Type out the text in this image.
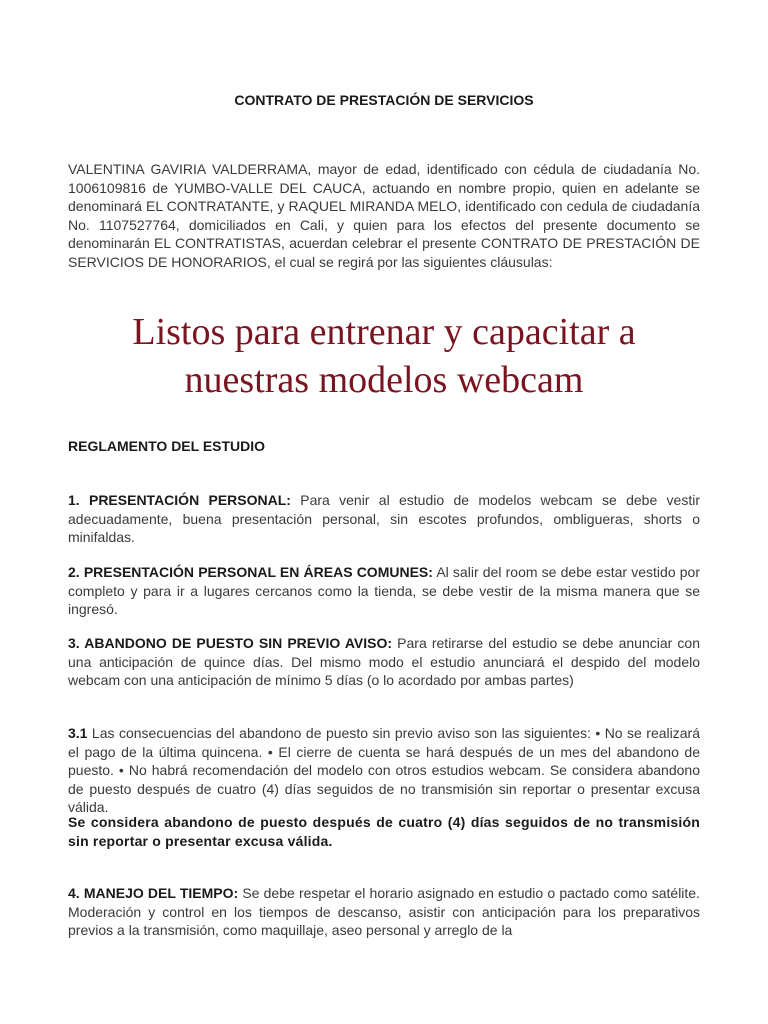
CONTRATO DE PRESTACIÓN DE SERVICIOS

VALENTINA GAVIRIA VALDERRAMA, mayor de edad, identificado con cédula de ciudadanía No. 1006109816 de YUMBO-VALLE DEL CAUCA, actuando en nombre propio, quien en adelante se denominará EL CONTRATANTE, y RAQUEL MIRANDA MELO, identificado con cedula de ciudadanía No. 1107527764, domiciliados en Cali, y quien para los efectos del presente documento se denominarán EL CONTRATISTAS, acuerdan celebrar el presente CONTRATO DE PRESTACIÓN DE SERVICIOS DE HONORARIOS, el cual se regirá por las siguientes cláusulas:

Listos para entrenar y capacitar a
nuestras modelos webcam
REGLAMENTO DEL ESTUDIO

1. PRESENTACIÓN PERSONAL: Para venir al estudio de modelos webcam se debe vestir adecuadamente, buena presentación personal, sin escotes profundos, ombligueras, shorts o minifaldas.

2. PRESENTACIÓN PERSONAL EN ÁREAS COMUNES: Al salir del room se debe estar vestido por completo y para ir a lugares cercanos como la tienda, se debe vestir de la misma manera que se ingresó.

3. ABANDONO DE PUESTO SIN PREVIO AVISO: Para retirarse del estudio se debe anunciar con una anticipación de quince días. Del mismo modo el estudio anunciará el despido del modelo webcam con una anticipación de mínimo 5 días (o lo acordado por ambas partes)

3.1 Las consecuencias del abandono de puesto sin previo aviso son las siguientes: • No se realizará el pago de la última quincena. • El cierre de cuenta se hará después de un mes del abandono de puesto. • No habrá recomendación del modelo con otros estudios webcam. Se considera abandono de puesto después de cuatro (4) días seguidos de no transmisión sin reportar o presentar excusa válida.

Se considera abandono de puesto después de cuatro (4) días seguidos de no transmisión sin reportar o presentar excusa válida.

4. MANEJO DEL TIEMPO: Se debe respetar el horario asignado en estudio o pactado como satélite. Moderación y control en los tiempos de descanso, asistir con anticipación para los preparativos previos a la transmisión, como maquillaje, aseo personal y arreglo de la
